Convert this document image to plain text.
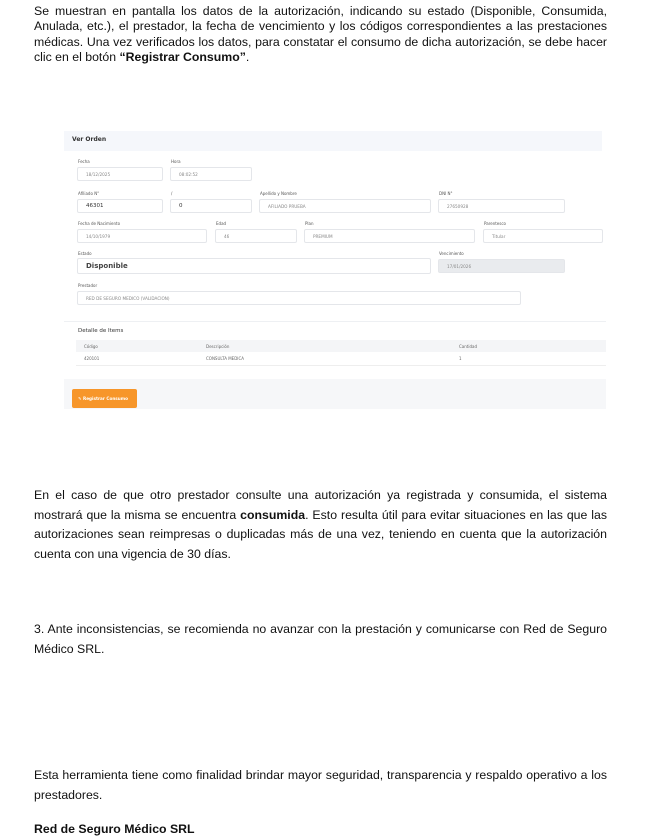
Se muestran en pantalla los datos de la autorización, indicando su estado (Disponible, Consumida, Anulada, etc.), el prestador, la fecha de vencimiento y los códigos correspondientes a las prestaciones médicas. Una vez verificados los datos, para constatar el consumo de dicha autorización, se debe hacer clic en el botón “Registrar Consumo”.
Ver Orden
Fecha
18/12/2025
Hora
08:02:52
Afiliado N°
46301
/
0
Apellido y Nombre
AFILIADO PRUEBA
DNI N°
27650928
Fecha de Nacimiento
14/10/1979
Edad
46
Plan
PREMIUM
Parentesco
Titular
Estado
Disponible
Vencimiento
17/01/2026
Prestador
RED DE SEGURO MEDICO (VALIDACION)
Detalle de Items
Código	Descripción	Cantidad
420101	CONSULTA MEDICA	1
✎ Registrar Consumo
En el caso de que otro prestador consulte una autorización ya registrada y consumida, el sistema mostrará que la misma se encuentra consumida. Esto resulta útil para evitar situaciones en las que las autorizaciones sean reimpresas o duplicadas más de una vez, teniendo en cuenta que la autorización cuenta con una vigencia de 30 días.
3. Ante inconsistencias, se recomienda no avanzar con la prestación y comunicarse con Red de Seguro Médico SRL.
Esta herramienta tiene como finalidad brindar mayor seguridad, transparencia y respaldo operativo a los prestadores.
Red de Seguro Médico SRL
